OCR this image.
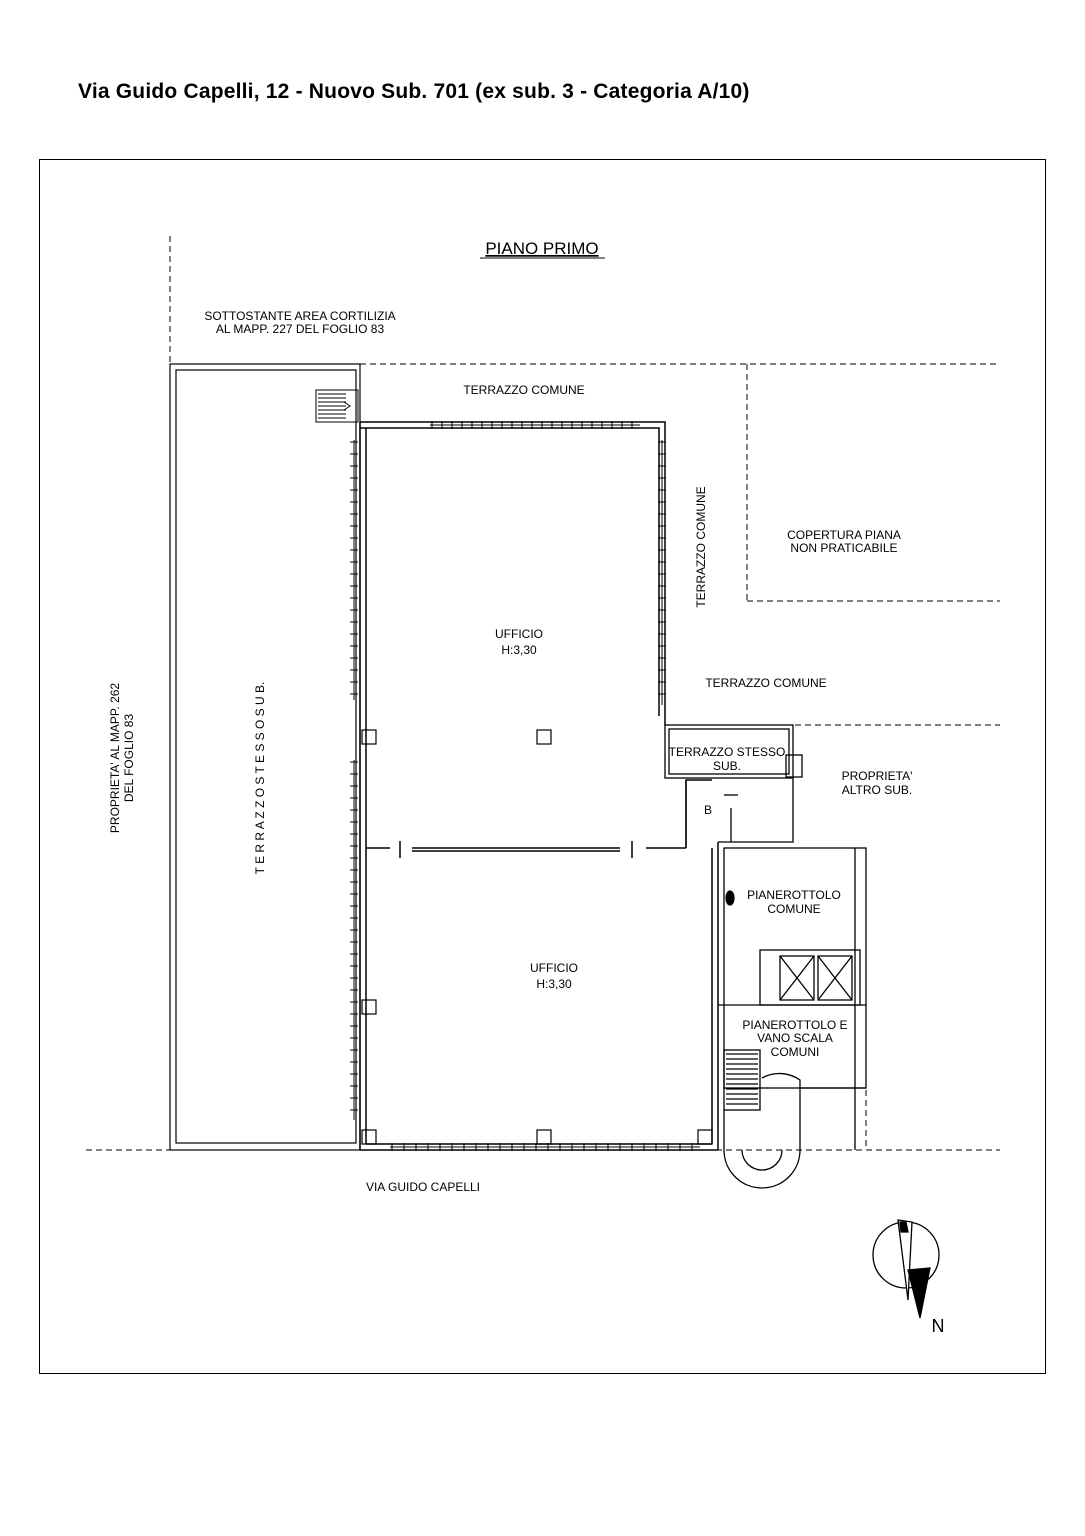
Via Guido Capelli, 12 - Nuovo Sub. 701 (ex sub. 3 - Categoria A/10)
PIANO PRIMO
SOTTOSTANTE AREA CORTILIZIA
AL MAPP. 227 DEL FOGLIO 83
TERRAZZO COMUNE
TERRAZZO COMUNE	COPERTURA PIANA
NON PRATICABILE
UFFICIO
H:3,30
TERRAZZO COMUNE
TERRAZZO STESSO
SUB.
PROPRIETA'
ALTRO SUB.
B
PIANEROTTOLO
COMUNE
UFFICIO
H:3,30
PIANEROTTOLO E
VANO SCALA
COMUNI
T E R R A Z Z O S T E S S O S U B.
PROPRIETA' AL MAPP. 262 DEL FOGLIO 83
VIA GUIDO CAPELLI
N
